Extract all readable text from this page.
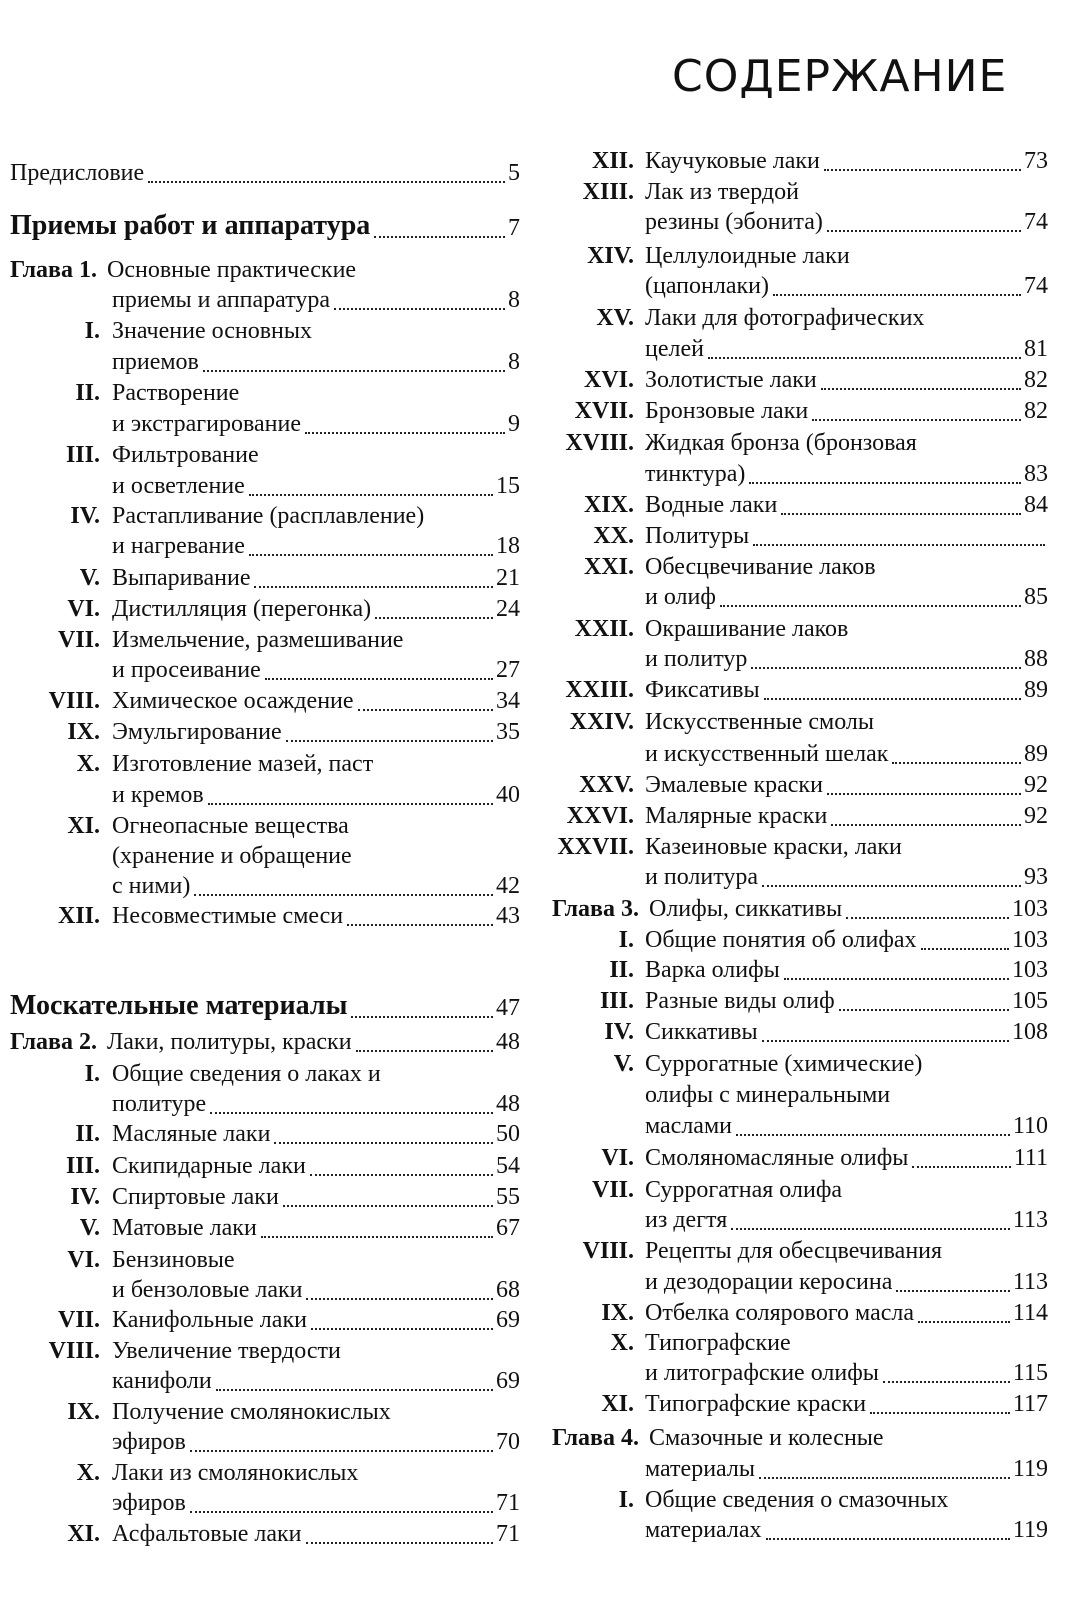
СОДЕРЖАНИЕ
Предисловие	5
Приемы работ и аппаратура	7
Глава 1. Основные практические
приемы и аппаратура	8
I. Значение основных
приемов	8
II. Растворение
и экстрагирование	9
III. Фильтрование
и осветление	15
IV. Растапливание (расплавление)
и нагревание	18
V. Выпаривание	21
VI. Дистилляция (перегонка)	24
VII. Измельчение, размешивание
и просеивание	27
VIII. Химическое осаждение	34
IX. Эмульгирование	35
X. Изготовление мазей, паст
и кремов	40
XI. Огнеопасные вещества
(хранение и обращение
с ними)	42
XII. Несовместимые смеси	43
Москательные материалы	47
Глава 2. Лаки, политуры, краски	48
I. Общие сведения о лаках и
политуре	48
II. Масляные лаки	50
III. Скипидарные лаки	54
IV. Спиртовые лаки	55
V. Матовые лаки	67
VI. Бензиновые
и бензоловые лаки	68
VII. Канифольные лаки	69
VIII. Увеличение твердости
канифоли	69
IX. Получение смолянокислых
эфиров	70
X. Лаки из смолянокислых
эфиров	71
XI. Асфальтовые лаки	71
XII. Каучуковые лаки	73
XIII. Лак из твердой
резины (эбонита)	74
XIV. Целлулоидные лаки
(цапонлаки)	74
XV. Лаки для фотографических
целей	81
XVI. Золотистые лаки	82
XVII. Бронзовые лаки	82
XVIII. Жидкая бронза (бронзовая
тинктура)	83
XIX. Водные лаки	84
XX. Политуры
XXI. Обесцвечивание лаков
и олиф	85
XXII. Окрашивание лаков
и политур	88
XXIII. Фиксативы	89
XXIV. Искусственные смолы
и искусственный шелак	89
XXV. Эмалевые краски	92
XXVI. Малярные краски	92
XXVII. Казеиновые краски, лаки
и политура	93
Глава 3. Олифы, сиккативы	103
I. Общие понятия об олифах	103
II. Варка олифы	103
III. Разные виды олиф	105
IV. Сиккативы	108
V. Суррогатные (химические)
олифы с минеральными
маслами	110
VI. Смоляномасляные олифы	111
VII. Суррогатная олифа
из дегтя	113
VIII. Рецепты для обесцвечивания
и дезодорации керосина	113
IX. Отбелка солярового масла	114
X. Типографские
и литографские олифы	115
XI. Типографские краски	117
Глава 4. Смазочные и колесные
материалы	119
I. Общие сведения о смазочных
материалах	119
